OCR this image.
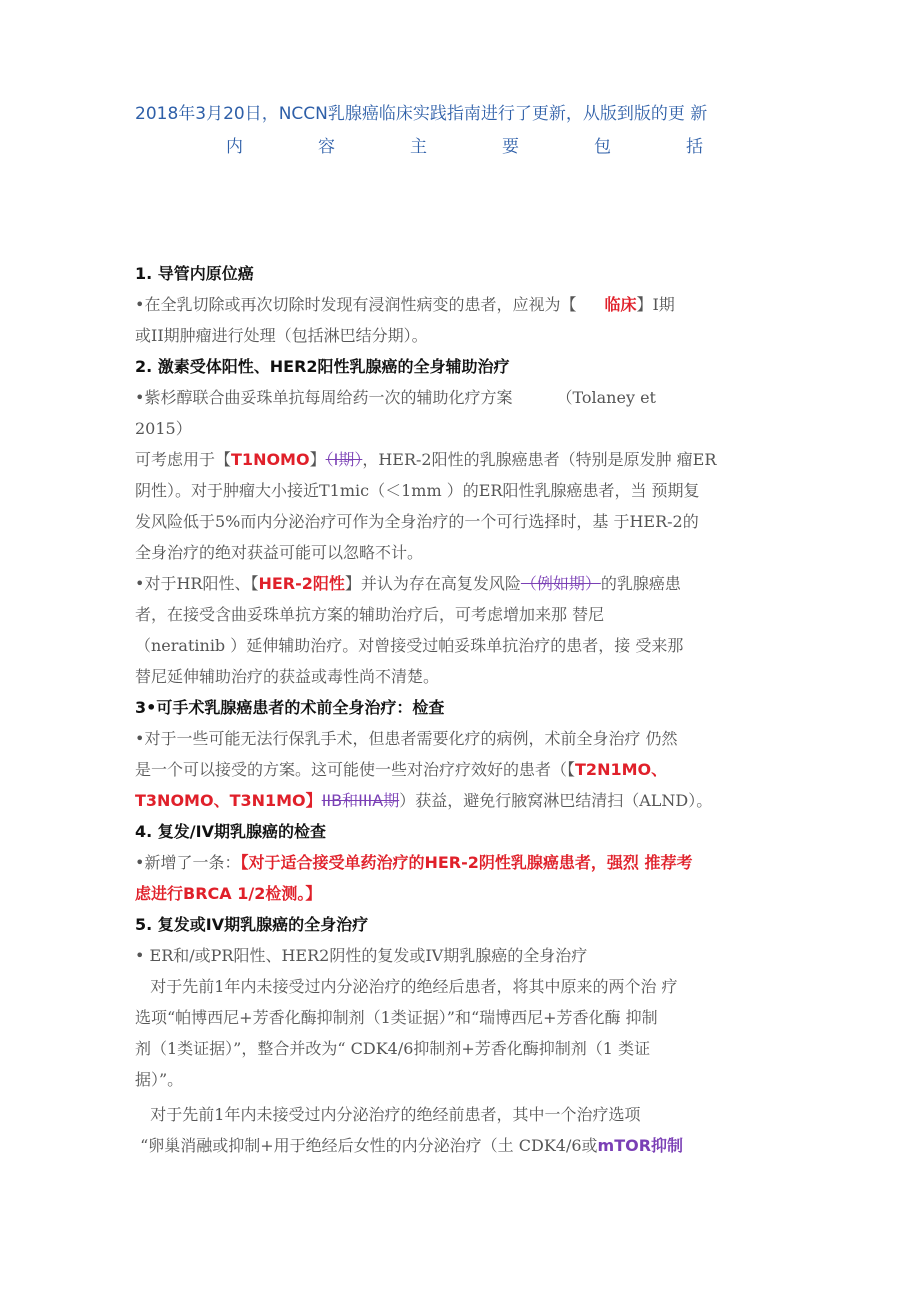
2018年3月20日，NCCN乳腺癌临床实践指南进行了更新，从版到版的更 新
内	容	主	要	包	括
1. 导管内原位癌
•在全乳切除或再次切除时发现有浸润性病变的患者，应视为【 临床】I期
或II期肿瘤进行处理（包括淋巴结分期）。
2. 激素受体阳性、HER2阳性乳腺癌的全身辅助治疗
•紫杉醇联合曲妥珠单抗每周给药一次的辅助化疗方案	（Tolaney et
2015）
可考虑用于【T1NOMO】（I期），HER-2阳性的乳腺癌患者（特别是原发肿 瘤ER
阴性）。对于肿瘤大小接近T1mic（＜1mm ）的ER阳性乳腺癌患者，当 预期复
发风险低于5%而内分泌治疗可作为全身治疗的一个可行选择时，基 于HER-2的
全身治疗的绝对获益可能可以忽略不计。
•对于HR阳性、【HER-2阳性】并认为存在高复发风险（例如期）的乳腺癌患
者，在接受含曲妥珠单抗方案的辅助治疗后，可考虑增加来那 替尼
（neratinib ）延伸辅助治疗。对曾接受过帕妥珠单抗治疗的患者，接 受来那
替尼延伸辅助治疗的获益或毒性尚不清楚。
3•可手术乳腺癌患者的术前全身治疗：检查
•对于一些可能无法行保乳手术，但患者需要化疗的病例，术前全身治疗 仍然
是一个可以接受的方案。这可能使一些对治疗疗效好的患者（【T2N1MO、
T3NOMO、T3N1MO】IIB和IIIA期）获益，避免行腋窝淋巴结清扫（ALND）。
4. 复发/IV期乳腺癌的检查
•新增了一条：【对于适合接受单药治疗的HER-2阴性乳腺癌患者，强烈 推荐考
虑进行BRCA 1/2检测。】
5. 复发或IV期乳腺癌的全身治疗
• ER和/或PR阳性、HER2阴性的复发或IV期乳腺癌的全身治疗
对于先前1年内未接受过内分泌治疗的绝经后患者，将其中原来的两个治 疗
选项“帕博西尼+芳香化酶抑制剂（1类证据）”和“瑞博西尼+芳香化酶 抑制
剂（1类证据）”，整合并改为“ CDK4/6抑制剂+芳香化酶抑制剂（1 类证
据）”。
对于先前1年内未接受过内分泌治疗的绝经前患者，其中一个治疗选项
“卵巢消融或抑制+用于绝经后女性的内分泌治疗（土 CDK4/6或mTOR抑制
